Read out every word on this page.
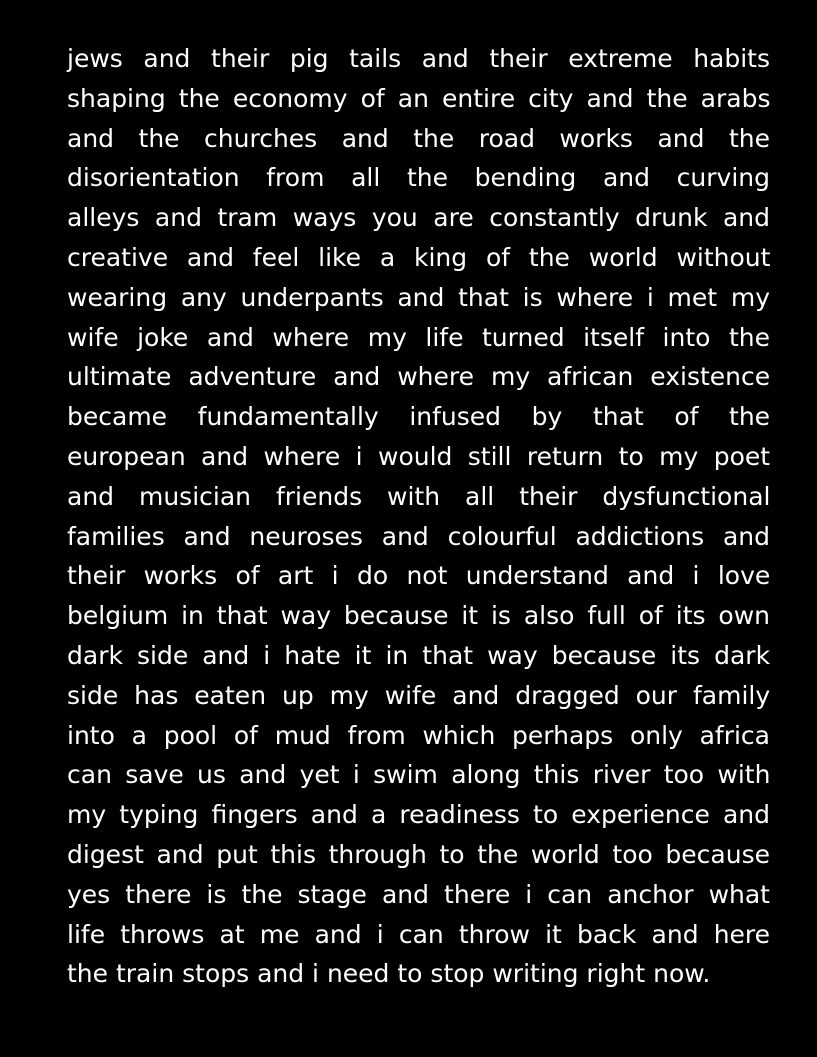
jews and their pig tails and their extreme habits
shaping the economy of an entire city and the arabs
and the churches and the road works and the
disorientation from all the bending and curving
alleys and tram ways you are constantly drunk and
creative and feel like a king of the world without
wearing any underpants and that is where i met my
wife joke and where my life turned itself into the
ultimate adventure and where my african existence
became fundamentally infused by that of the
european and where i would still return to my poet
and musician friends with all their dysfunctional
families and neuroses and colourful addictions and
their works of art i do not understand and i love
belgium in that way because it is also full of its own
dark side and i hate it in that way because its dark
side has eaten up my wife and dragged our family
into a pool of mud from which perhaps only africa
can save us and yet i swim along this river too with
my typing fingers and a readiness to experience and
digest and put this through to the world too because
yes there is the stage and there i can anchor what
life throws at me and i can throw it back and here
the train stops and i need to stop writing right now.
